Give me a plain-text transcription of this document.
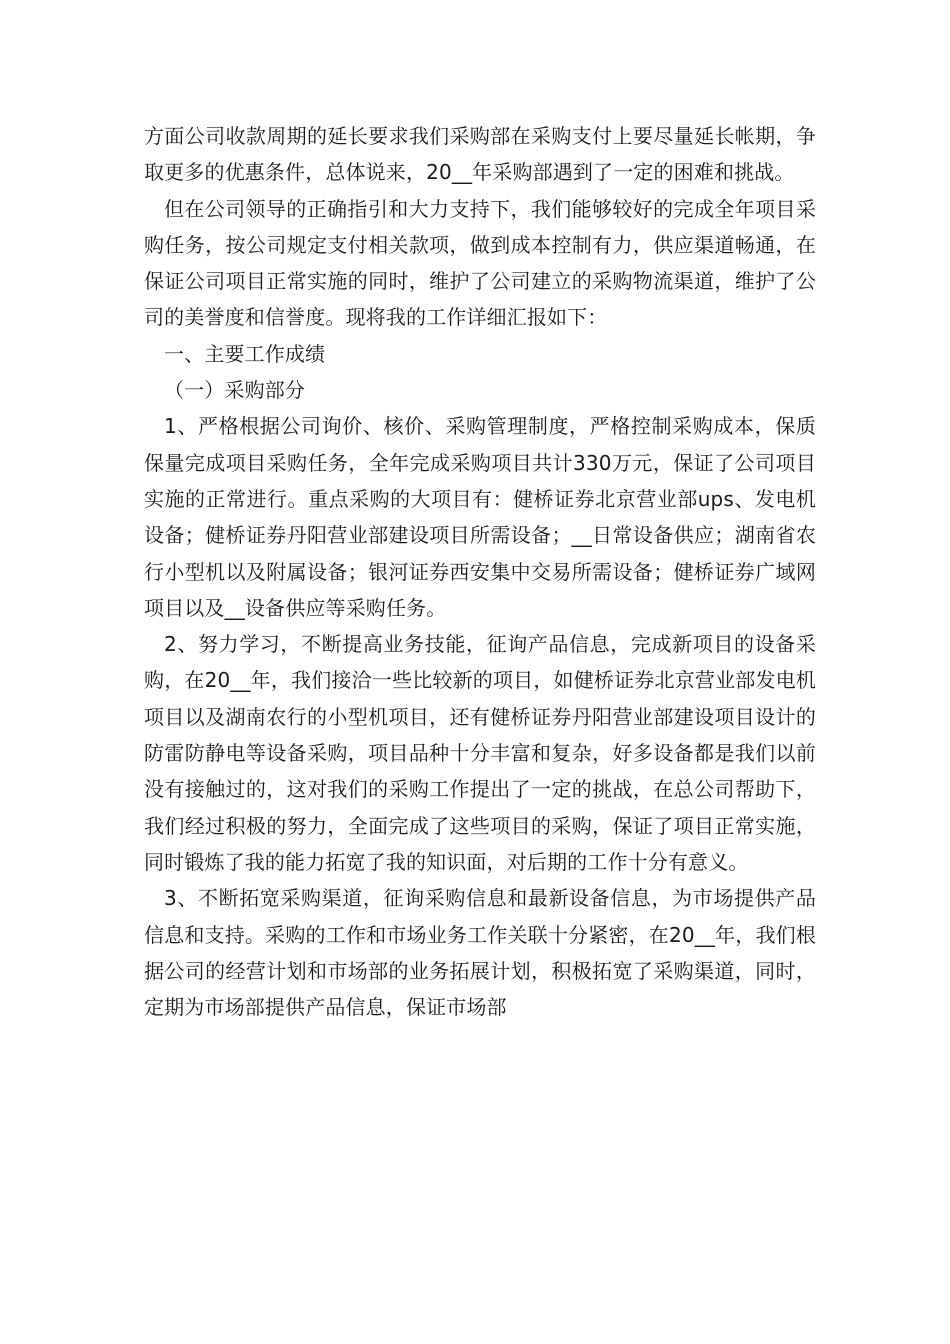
方面公司收款周期的延长要求我们采购部在采购支付上要尽量延长帐期，争取更多的优惠条件，总体说来，20__年采购部遇到了一定的困难和挑战。

但在公司领导的正确指引和大力支持下，我们能够较好的完成全年项目采购任务，按公司规定支付相关款项，做到成本控制有力，供应渠道畅通，在保证公司项目正常实施的同时，维护了公司建立的采购物流渠道，维护了公司的美誉度和信誉度。现将我的工作详细汇报如下：

一、主要工作成绩

（一）采购部分

1、严格根据公司询价、核价、采购管理制度，严格控制采购成本，保质保量完成项目采购任务，全年完成采购项目共计330万元，保证了公司项目实施的正常进行。重点采购的大项目有：健桥证券北京营业部ups、发电机设备；健桥证券丹阳营业部建设项目所需设备；__日常设备供应；湖南省农行小型机以及附属设备；银河证券西安集中交易所需设备；健桥证券广域网项目以及__设备供应等采购任务。

2、努力学习，不断提高业务技能，征询产品信息，完成新项目的设备采购，在20__年，我们接洽一些比较新的项目，如健桥证券北京营业部发电机项目以及湖南农行的小型机项目，还有健桥证券丹阳营业部建设项目设计的防雷防静电等设备采购，项目品种十分丰富和复杂，好多设备都是我们以前没有接触过的，这对我们的采购工作提出了一定的挑战，在总公司帮助下，我们经过积极的努力，全面完成了这些项目的采购，保证了项目正常实施，同时锻炼了我的能力拓宽了我的知识面，对后期的工作十分有意义。

3、不断拓宽采购渠道，征询采购信息和最新设备信息，为市场提供产品信息和支持。采购的工作和市场业务工作关联十分紧密，在20__年，我们根据公司的经营计划和市场部的业务拓展计划，积极拓宽了采购渠道，同时，定期为市场部提供产品信息，保证市场部
